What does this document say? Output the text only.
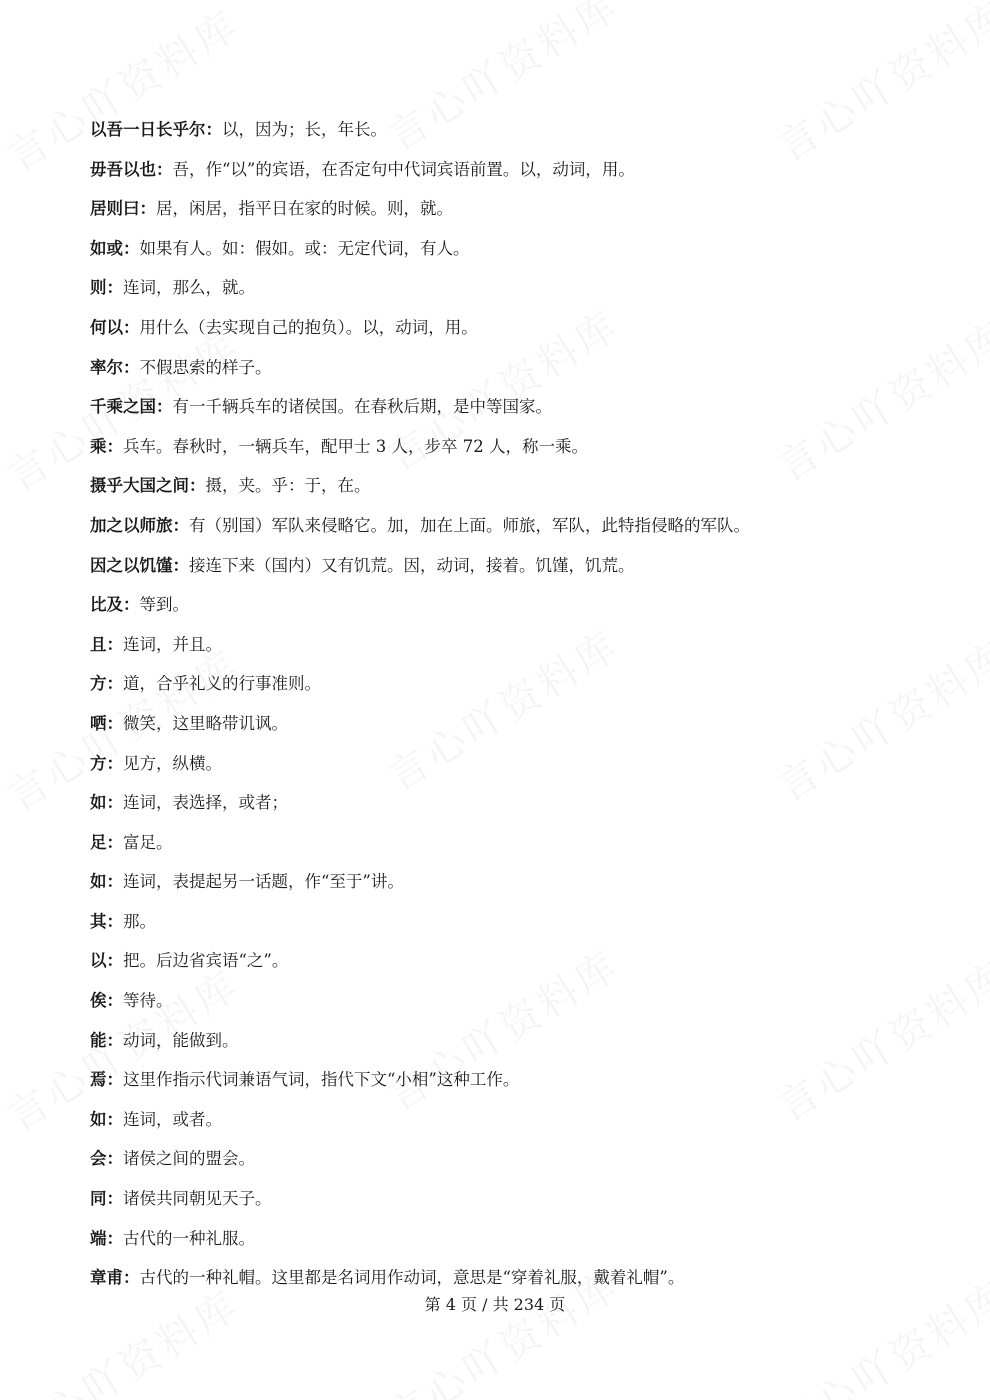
以吾一日长乎尔：以，因为；长，年长。
毋吾以也：吾，作“以”的宾语，在否定句中代词宾语前置。以，动词，用。
居则曰：居，闲居，指平日在家的时候。则，就。
如或：如果有人。如：假如。或：无定代词，有人。
则：连词，那么，就。
何以：用什么（去实现自己的抱负）。以，动词，用。
率尔：不假思索的样子。
千乘之国：有一千辆兵车的诸侯国。在春秋后期，是中等国家。
乘：兵车。春秋时，一辆兵车，配甲士 3 人，步卒 72 人，称一乘。
摄乎大国之间：摄，夹。乎：于，在。
加之以师旅：有（别国）军队来侵略它。加，加在上面。师旅，军队，此特指侵略的军队。
因之以饥馑：接连下来（国内）又有饥荒。因，动词，接着。饥馑，饥荒。
比及：等到。
且：连词，并且。
方：道，合乎礼义的行事准则。
哂：微笑，这里略带讥讽。
方：见方，纵横。
如：连词，表选择，或者；
足：富足。
如：连词，表提起另一话题，作“至于”讲。
其：那。
以：把。后边省宾语“之”。
俟：等待。
能：动词，能做到。
焉：这里作指示代词兼语气词，指代下文“小相”这种工作。
如：连词，或者。
会：诸侯之间的盟会。
同：诸侯共同朝见天子。
端：古代的一种礼服。
章甫：古代的一种礼帽。这里都是名词用作动词，意思是“穿着礼服，戴着礼帽”。
第 4 页 / 共 234 页
